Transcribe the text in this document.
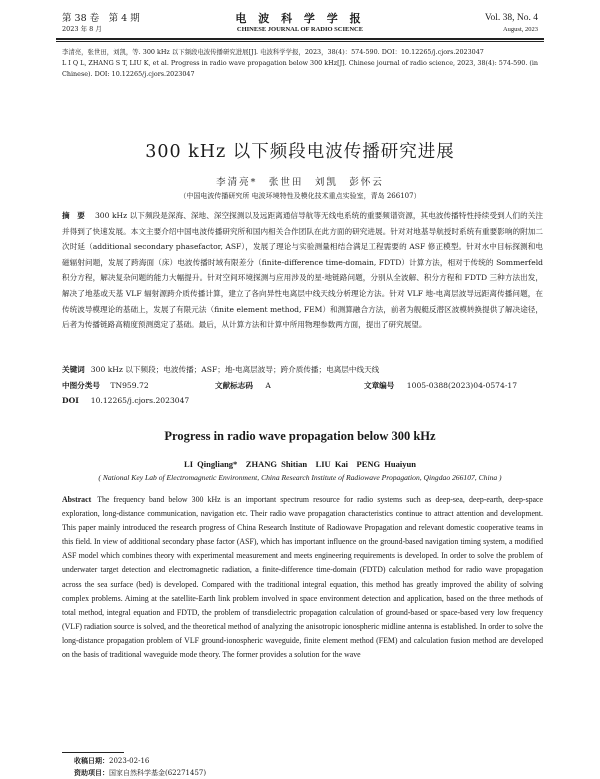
第 38 卷　第 4 期
2023 年 8 月
电 波 科 学 学 报
CHINESE JOURNAL OF RADIO SCIENCE
Vol. 38, No. 4
August, 2023

李清亮，张世田，刘凯，等. 300 kHz 以下频段电波传播研究进展[J]. 电波科学学报，2023，38(4)：574-590. DOI：10.12265/j.cjors.2023047

L I Q L, ZHANG S T, LIU K, et al. Progress in radio wave propagation below 300 kHz[J]. Chinese journal of radio science, 2023, 38(4): 574-590. (in

Chinese). DOI: 10.12265/j.cjors.2023047

300 kHz 以下频段电波传播研究进展
李清亮*　张世田　刘凯　彭怀云
（中国电波传播研究所 电波环境特性及模化技术重点实验室，青岛 266107）
摘　要 300 kHz 以下频段是深海、深地、深空探测以及远距离通信导航等无线电系统的重要频谱资源，其电波传播特性持续受到人们的关注并得到了快速发展。本文主要介绍中国电波传播研究所和国内相关合作团队在此方面的研究进展。针对对地基导航授时系统有重要影响的附加二次时延（additional secondary phasefactor, ASF），发展了理论与实验测量相结合满足工程需要的 ASF 修正模型。针对水中目标探测和电磁辐射问题，发展了跨海面（床）电波传播时域有限差分（finite-difference time-domain, FDTD）计算方法，相对于传统的 Sommerfeld 积分方程，解决复杂问题的能力大幅提升。针对空间环境探测与应用涉及的星-地链路问题，分别从全波解、积分方程和 FDTD 三种方法出发，解决了地基或天基 VLF 辐射源跨介质传播计算，建立了各向异性电离层中线天线分析理论方法。针对 VLF 地-电离层波导远距离传播问题，在传统波导模理论的基础上，发展了有限元法（finite element method, FEM）和测算融合方法，前者为舰艇反潜区波模转换提供了解决途径，后者为传播链路高精度预测奠定了基础。最后，从计算方法和计算中所用物理参数两方面，提出了研究展望。
关键词 300 kHz 以下频段；电波传播；ASF；地-电离层波导；跨介质传播；电离层中线天线
中图分类号 TN959.72	文献标志码 A	文章编号 1005-0388(2023)04-0574-17
DOI 10.12265/j.cjors.2023047
Progress in radio wave propagation below 300 kHz
LI Qingliang*　ZHANG Shitian　LIU Kai　PENG Huaiyun
( National Key Lab of Electromagnetic Environment, China Research Institute of Radiowave Propagation, Qingdao 266107, China )
Abstract The frequency band below 300 kHz is an important spectrum resource for radio systems such as deep-sea, deep-earth, deep-space exploration, long-distance communication, navigation etc. Their radio wave propagation characteristics continue to attract attention and development. This paper mainly introduced the research progress of China Research Institute of Radiowave Propagation and relevant domestic cooperative teams in this field. In view of additional secondary phase factor (ASF), which has important influence on the ground-based navigation timing system, a modified ASF model which combines theory with experimental measurement and meets engineering requirements is developed. In order to solve the problem of underwater target detection and electromagnetic radiation, a finite-difference time-domain (FDTD) calculation method for radio wave propagation across the sea surface (bed) is developed. Compared with the traditional integral equation, this method has greatly improved the ability of solving complex problems. Aiming at the satellite-Earth link problem involved in space environment detection and application, based on the three methods of total method, integral equation and FDTD, the problem of transdielectric propagation calculation of ground-based or space-based very low frequency (VLF) radiation source is solved, and the theoretical method of analyzing the anisotropic ionospheric midline antenna is established. In order to solve the long-distance propagation problem of VLF ground-ionospheric waveguide, finite element method (FEM) and calculation fusion method are developed on the basis of traditional waveguide mode theory. The former provides a solution for the wave

收稿日期：2023-02-16

资助项目：国家自然科学基金(62271457)
